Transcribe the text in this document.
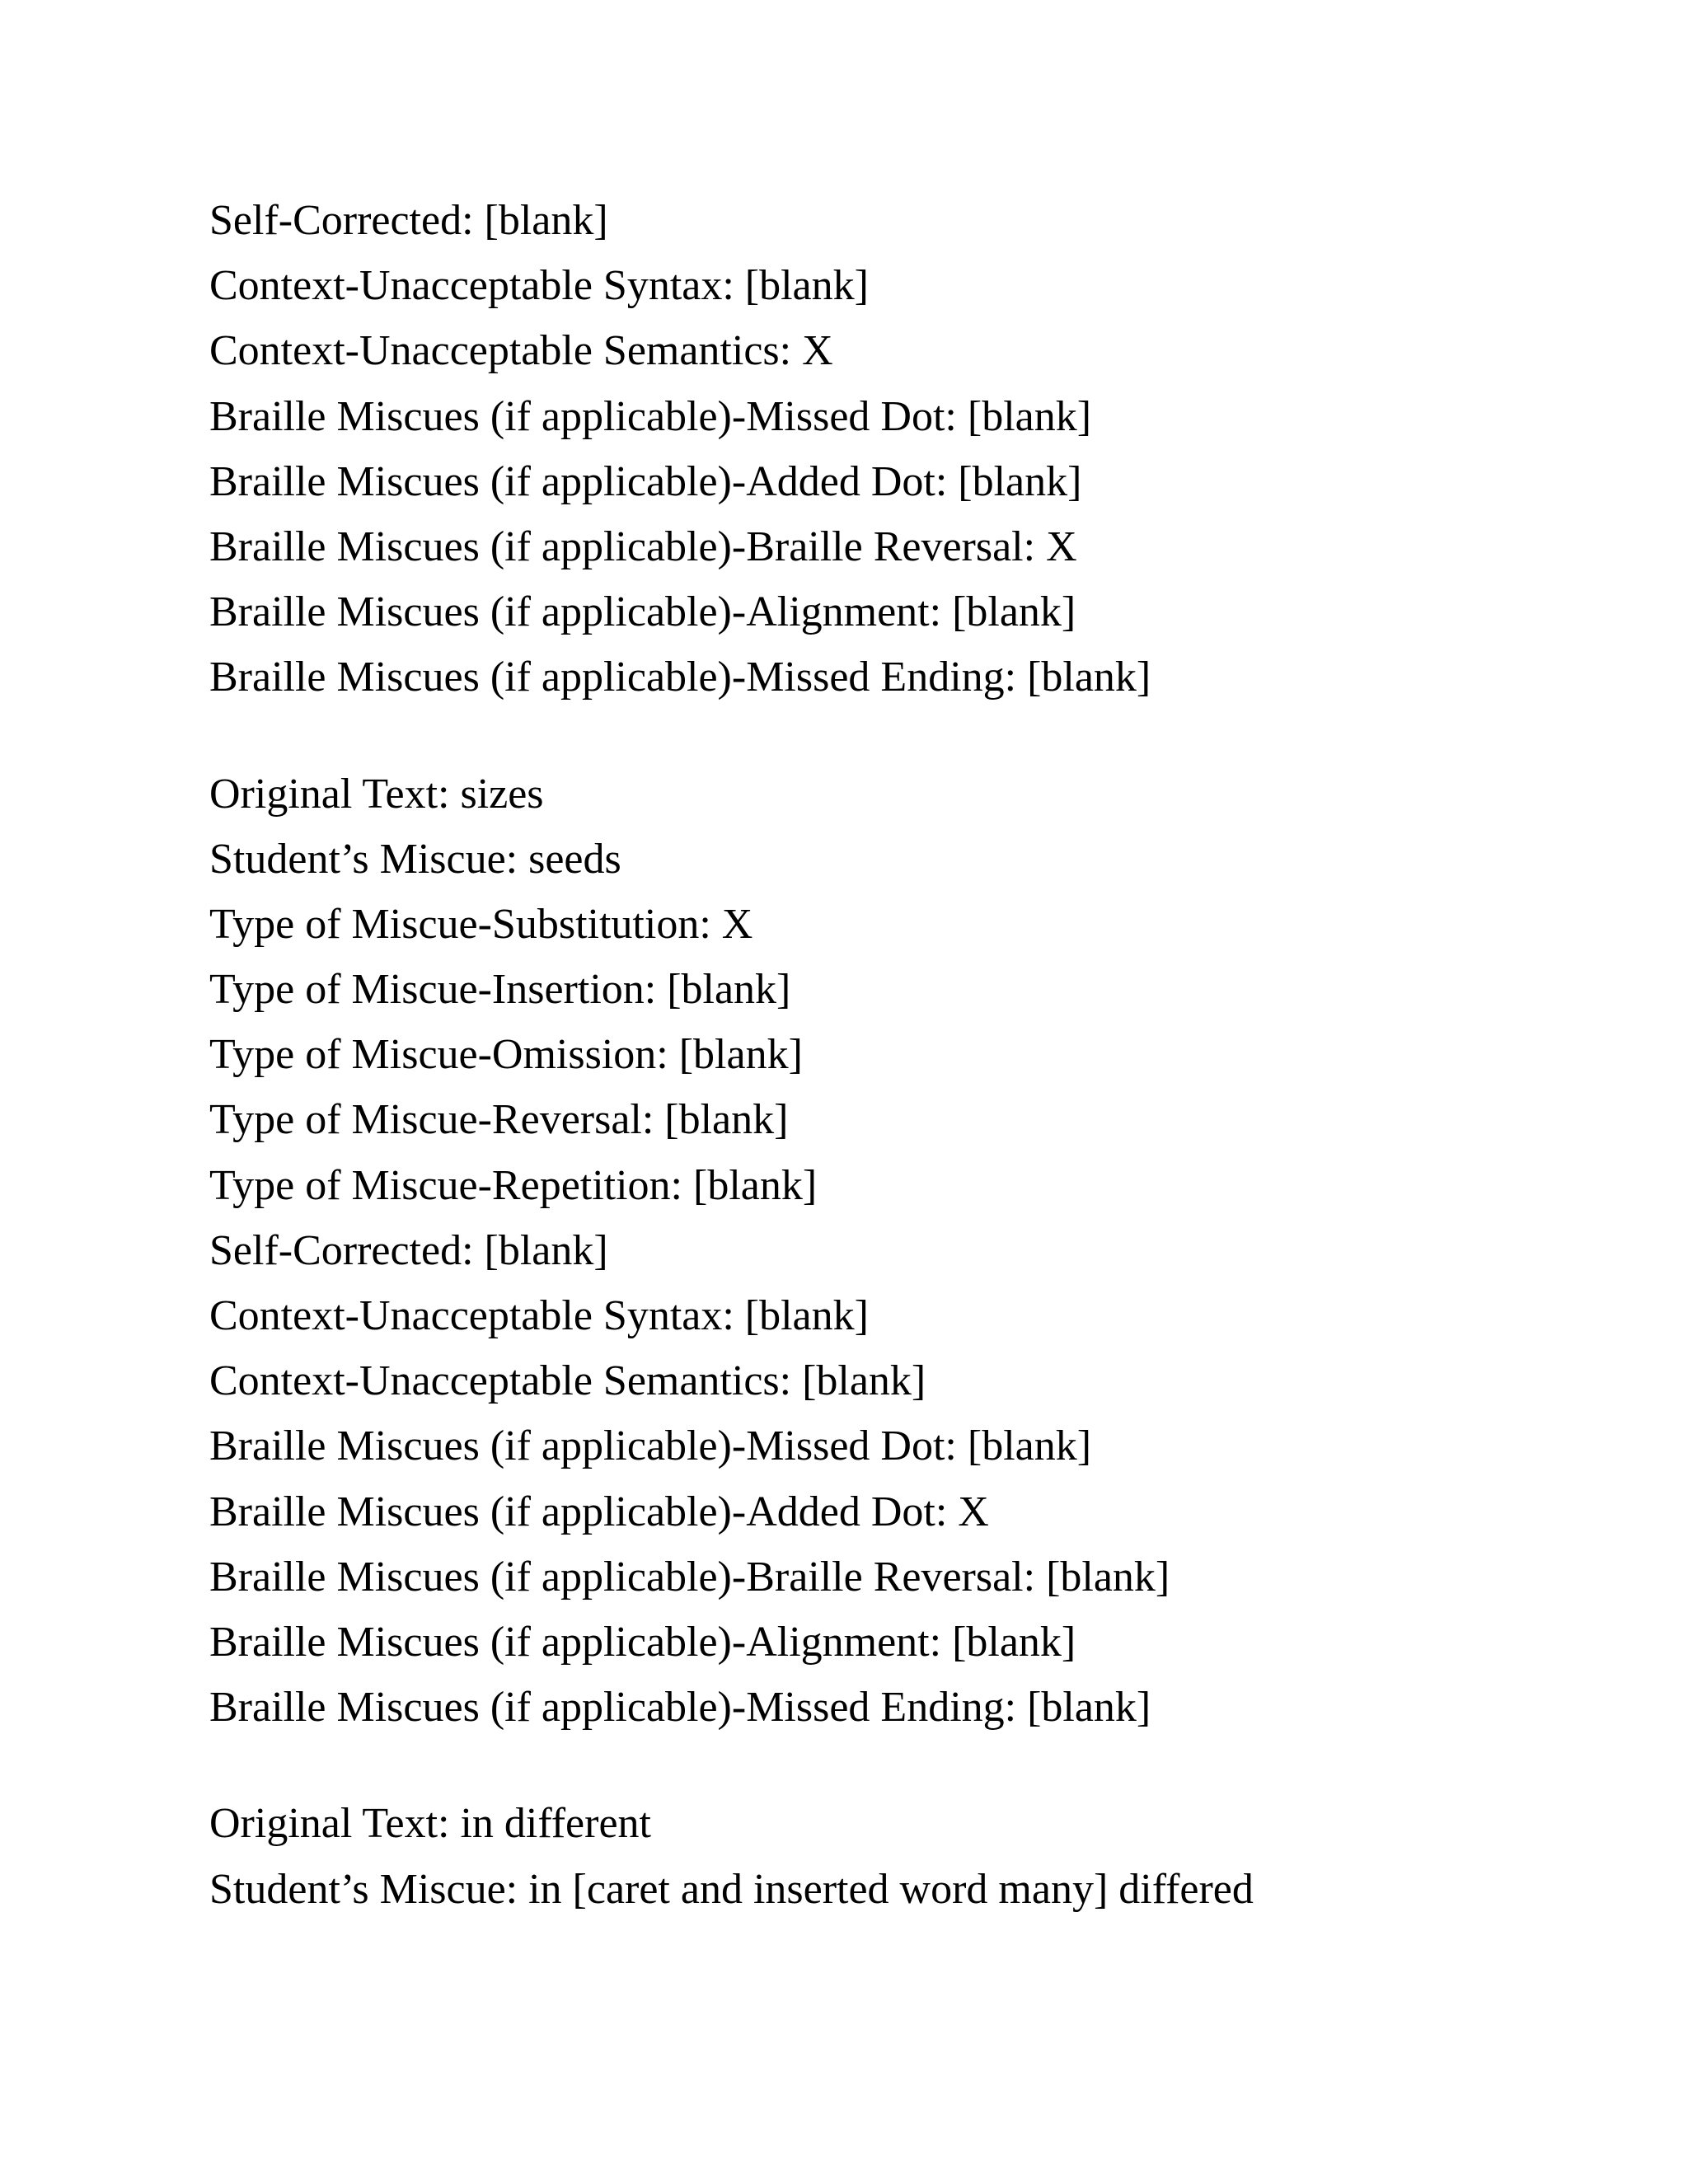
Self-Corrected: [blank]
Context-Unacceptable Syntax: [blank]
Context-Unacceptable Semantics: X
Braille Miscues (if applicable)-Missed Dot: [blank]
Braille Miscues (if applicable)-Added Dot: [blank]
Braille Miscues (if applicable)-Braille Reversal: X
Braille Miscues (if applicable)-Alignment: [blank]
Braille Miscues (if applicable)-Missed Ending: [blank]
Original Text: sizes
Student’s Miscue: seeds
Type of Miscue-Substitution: X
Type of Miscue-Insertion: [blank]
Type of Miscue-Omission: [blank]
Type of Miscue-Reversal: [blank]
Type of Miscue-Repetition: [blank]
Self-Corrected: [blank]
Context-Unacceptable Syntax: [blank]
Context-Unacceptable Semantics: [blank]
Braille Miscues (if applicable)-Missed Dot: [blank]
Braille Miscues (if applicable)-Added Dot: X
Braille Miscues (if applicable)-Braille Reversal: [blank]
Braille Miscues (if applicable)-Alignment: [blank]
Braille Miscues (if applicable)-Missed Ending: [blank]
Original Text: in different
Student’s Miscue: in [caret and inserted word many] differed
